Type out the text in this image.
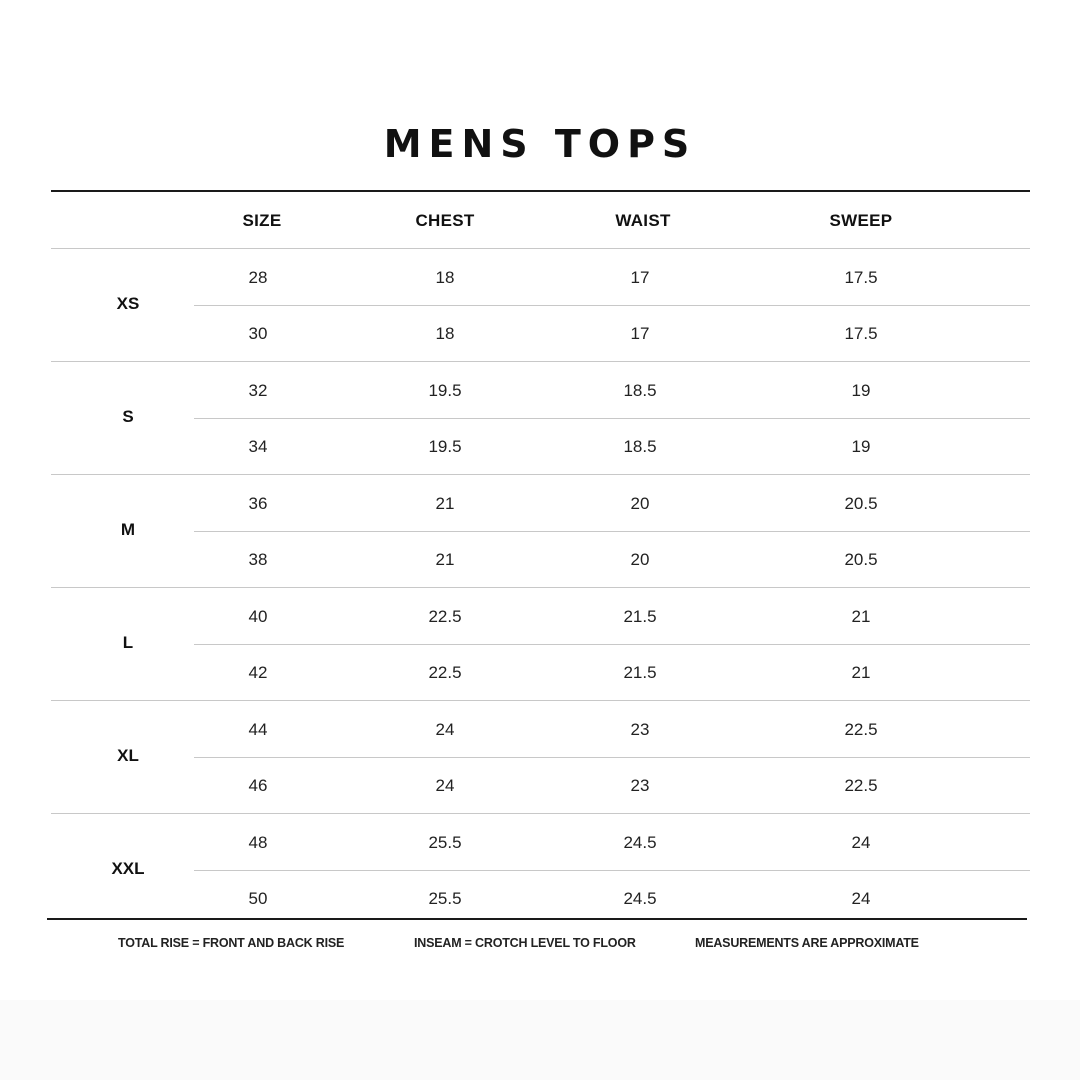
MENS TOPS
SIZE	CHEST	WAIST	SWEEP
XS
28	18	17	17.5
30	18	17	17.5
S
32	19.5	18.5	19
34	19.5	18.5	19
M
36	21	20	20.5
38	21	20	20.5
L
40	22.5	21.5	21
42	22.5	21.5	21
XL
44	24	23	22.5
46	24	23	22.5
XXL
48	25.5	24.5	24
50	25.5	24.5	24
TOTAL RISE = FRONT AND BACK RISE	INSEAM = CROTCH LEVEL TO FLOOR	MEASUREMENTS ARE APPROXIMATE
